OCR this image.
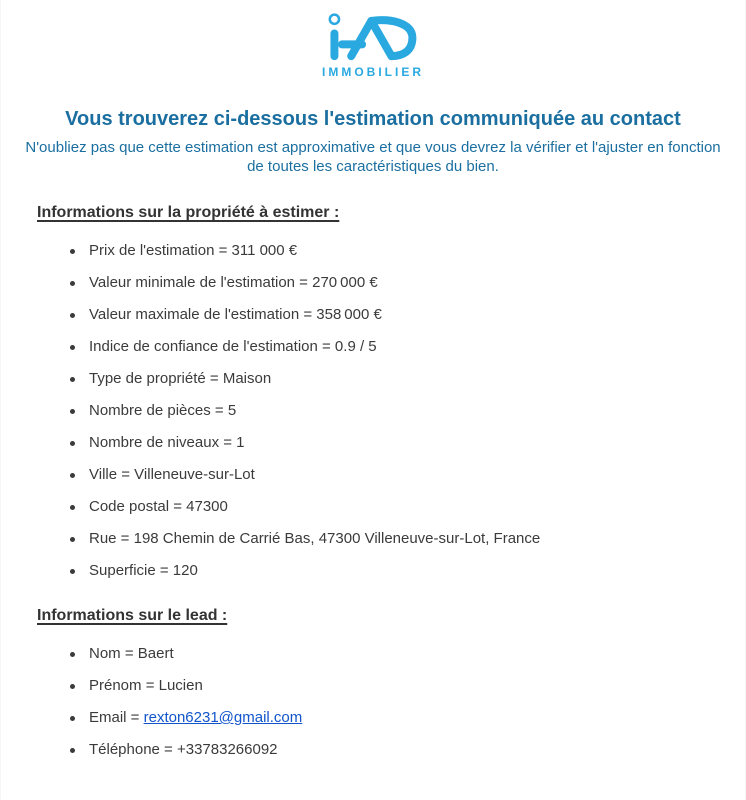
IMMOBILIER
Vous trouverez ci-dessous l'estimation communiquée au contact

N'oubliez pas que cette estimation est approximative et que vous devrez la vérifier et l'ajuster en fonction de toutes les caractéristiques du bien.

Informations sur la propriété à estimer :
Prix de l'estimation = 311 000 €
Valeur minimale de l'estimation = 270 000 €
Valeur maximale de l'estimation = 358 000 €
Indice de confiance de l'estimation = 0.9 / 5
Type de propriété = Maison
Nombre de pièces = 5
Nombre de niveaux = 1
Ville = Villeneuve-sur-Lot
Code postal = 47300
Rue = 198 Chemin de Carrié Bas, 47300 Villeneuve-sur-Lot, France
Superficie = 120
Informations sur le lead :
Nom = Baert
Prénom = Lucien
Email = rexton6231@gmail.com
Téléphone = +33783266092
